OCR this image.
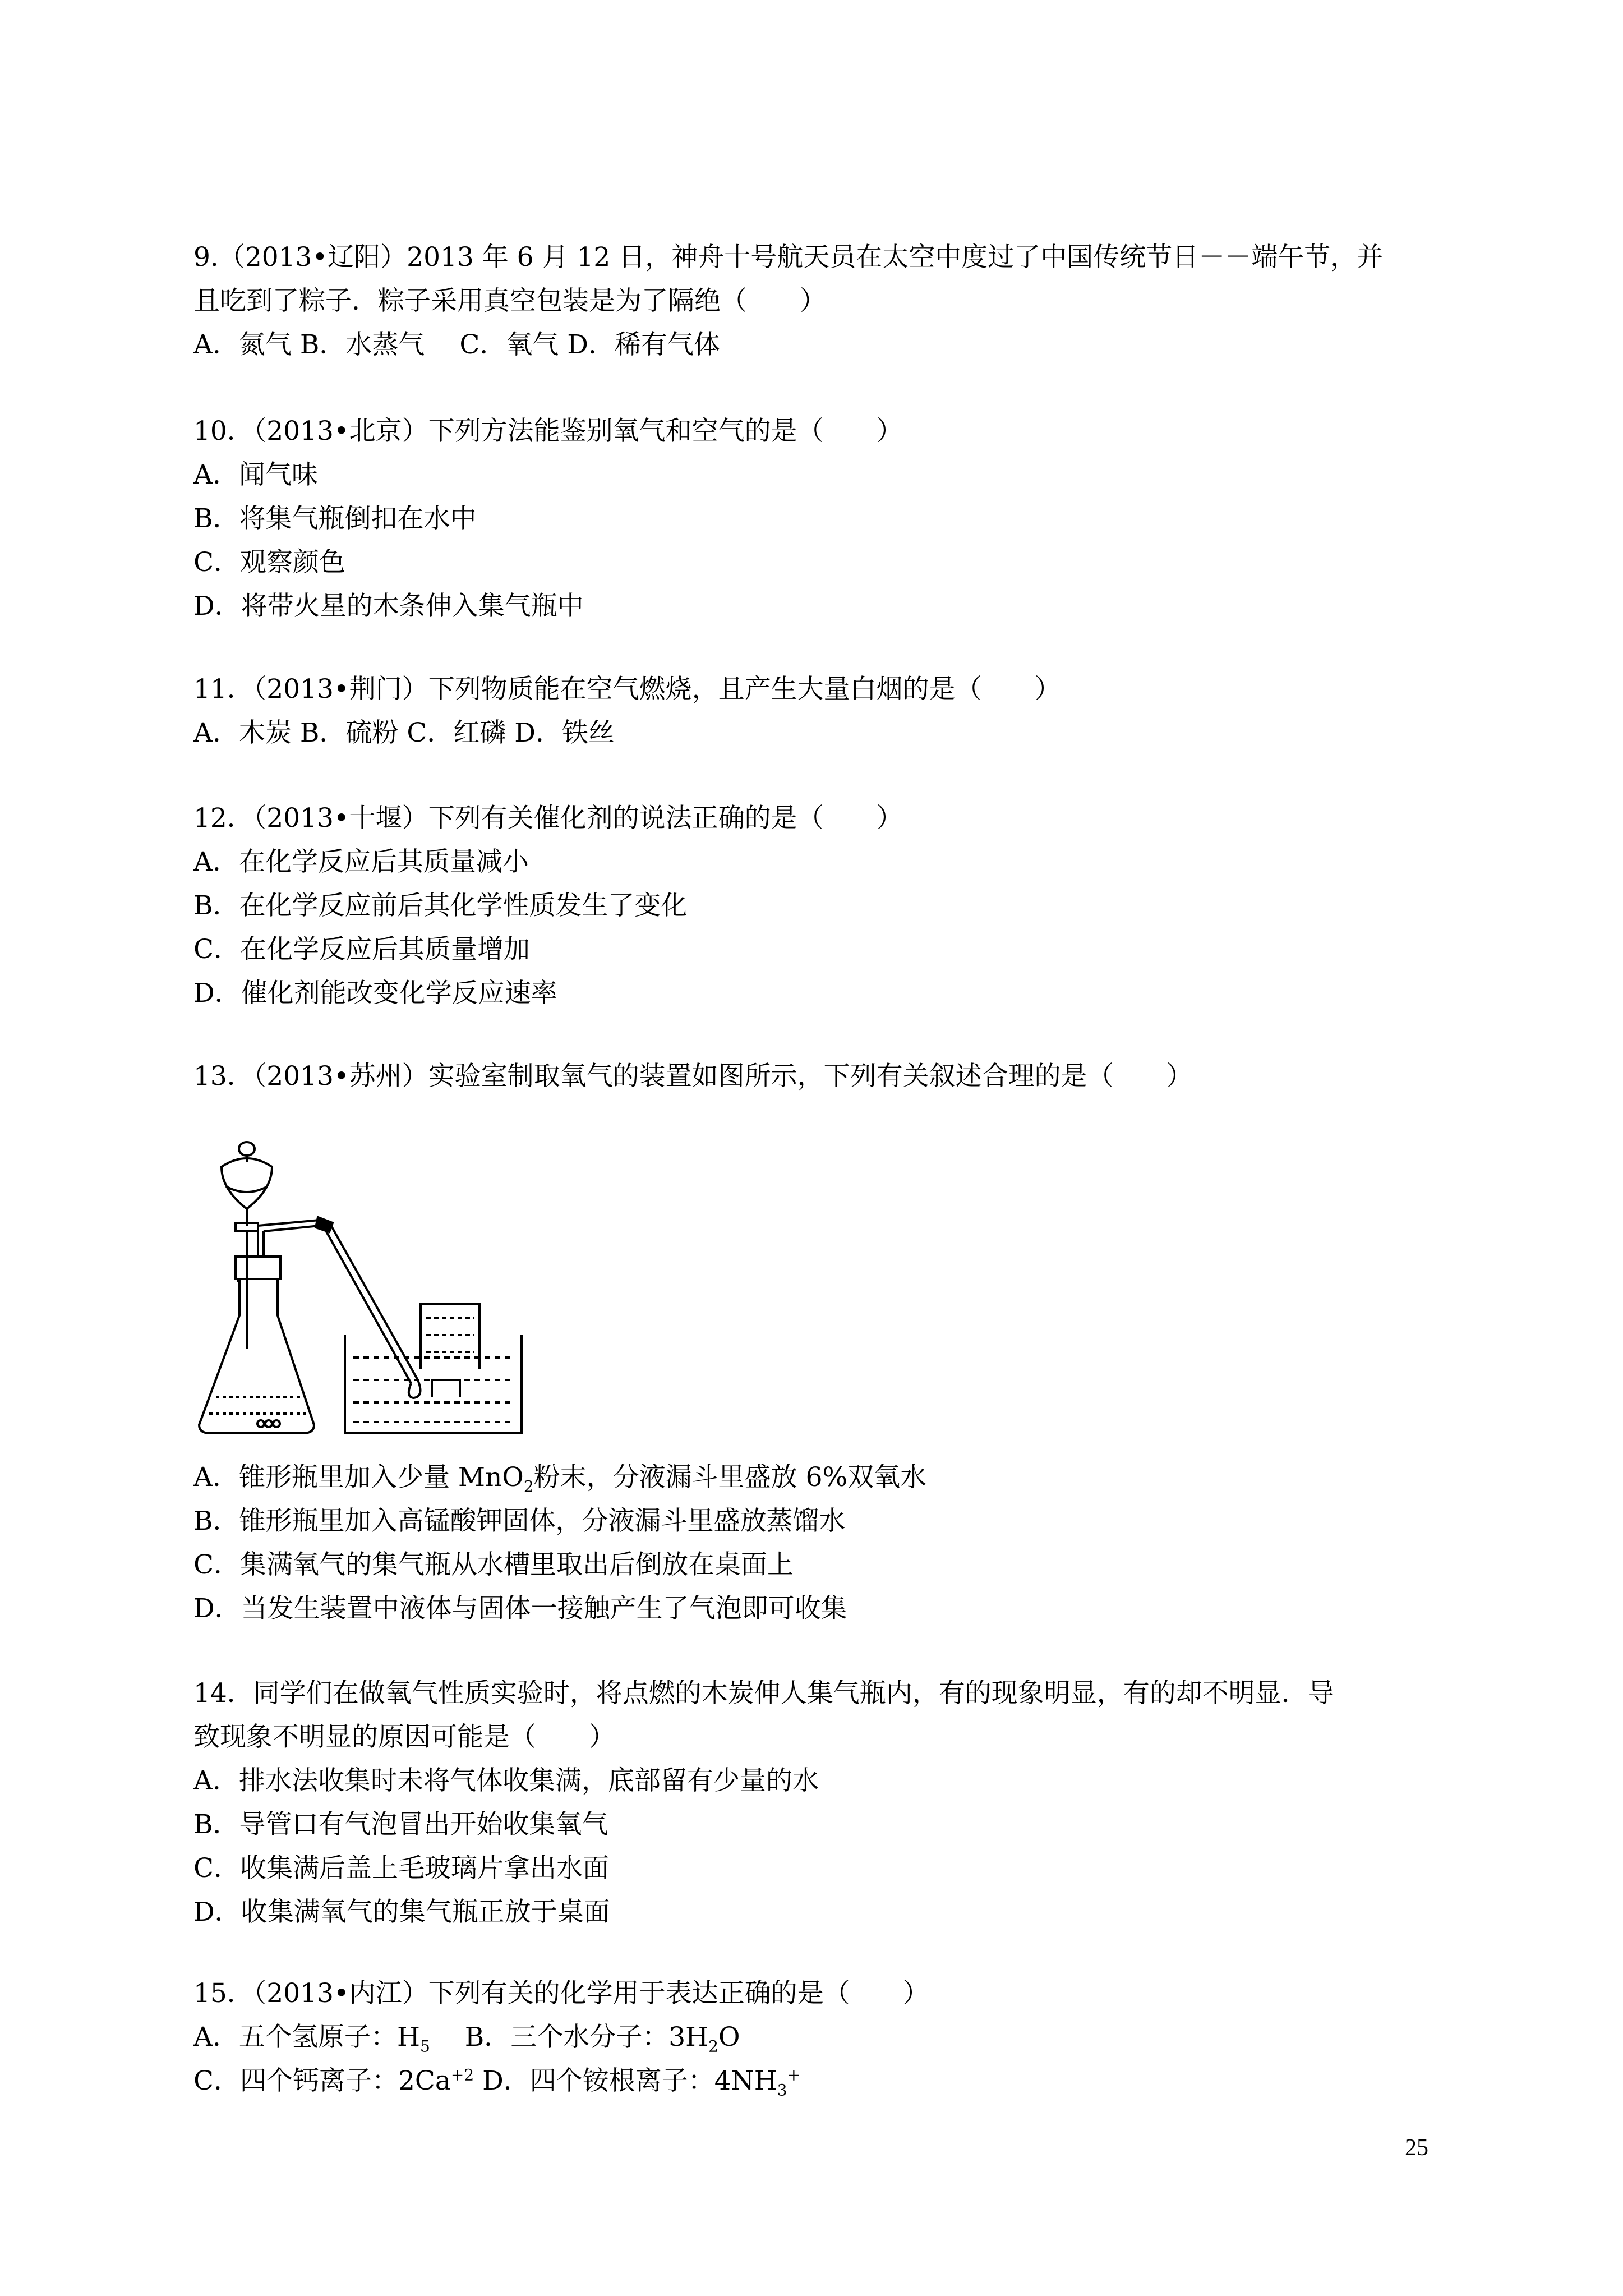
9.（2013•辽阳）2013 年 6 月 12 日，神舟十号航天员在太空中度过了中国传统节日－－端午节，并
且吃到了粽子．粽子采用真空包装是为了隔绝（　　）
A．氮气 B．水蒸气　 C．氧气 D．稀有气体
10．（2013•北京）下列方法能鉴别氧气和空气的是（　　）
A．闻气味
B．将集气瓶倒扣在水中
C．观察颜色
D．将带火星的木条伸入集气瓶中
11．（2013•荆门）下列物质能在空气燃烧，且产生大量白烟的是（　　）
A．木炭 B．硫粉 C．红磷 D．铁丝
12．（2013•十堰）下列有关催化剂的说法正确的是（　　）
A．在化学反应后其质量减小
B．在化学反应前后其化学性质发生了变化
C．在化学反应后其质量增加
D．催化剂能改变化学反应速率
13．（2013•苏州）实验室制取氧气的装置如图所示，下列有关叙述合理的是（　　）
A．锥形瓶里加入少量 MnO$_2$粉末，分液漏斗里盛放 6%双氧水
B．锥形瓶里加入高锰酸钾固体，分液漏斗里盛放蒸馏水
C．集满氧气的集气瓶从水槽里取出后倒放在桌面上
D．当发生装置中液体与固体一接触产生了气泡即可收集
14．同学们在做氧气性质实验时，将点燃的木炭伸人集气瓶内，有的现象明显，有的却不明显．导
致现象不明显的原因可能是（　　）
A．排水法收集时未将气体收集满，底部留有少量的水
B．导管口有气泡冒出开始收集氧气
C．收集满后盖上毛玻璃片拿出水面
D．收集满氧气的集气瓶正放于桌面
15．（2013•内江）下列有关的化学用于表达正确的是（　　）
A．五个氢原子：$H_5$　 B．三个水分子：$3H_2O$
C．四个钙离子：$2Ca^{+2}$ D．四个铵根离子：$4NH_3^+$
25
